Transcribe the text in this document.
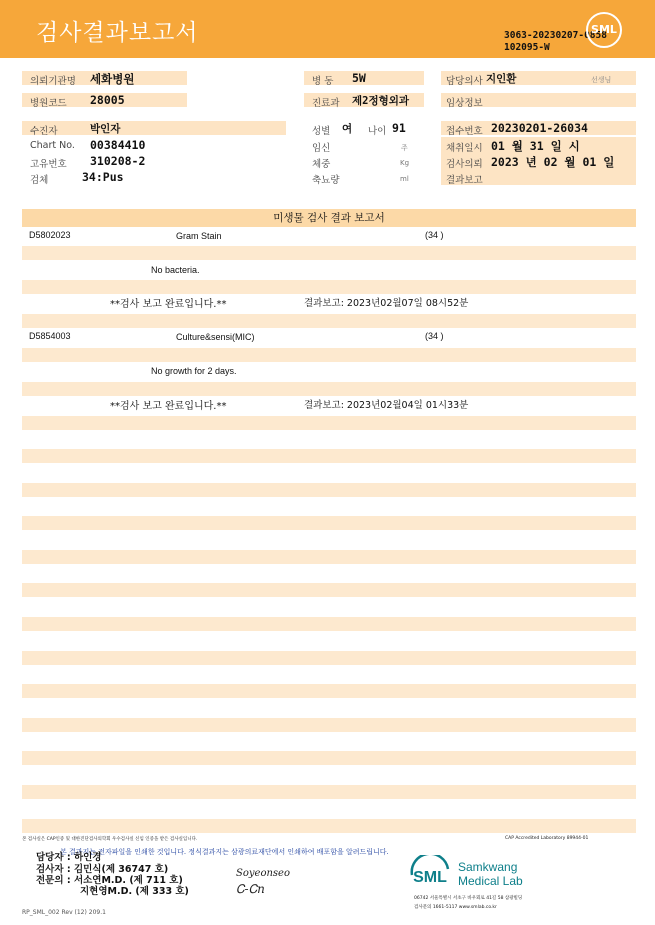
검사결과보고서	3063-20230207-0858
102095-W
SML
의뢰기관명 세화병원
병원코드 28005
병 동 5W
진료과 제2정형외과
담당의사 지인환	선생님
임상정보
수진자	박인자
Chart No. 00384410
고유번호 310208-2
검체	34:Pus
성별 여 나이 91
임신	주
체중	Kg
축뇨량	ml
접수번호 20230201-26034
채취일시 01 월 31 일 시
검사의뢰 2023 년 02 월 01 일
결과보고
미생물 검사 결과 보고서
D5802023	Gram Stain	(34 )
No bacteria.
**검사 보고 완료입니다.**	결과보고: 2023년02월07일 08시52분
D5854003	Culture&sensi(MIC)	(34 )
No growth for 2 days.
**검사 보고 완료입니다.**	결과보고: 2023년02월04일 01시33분
본 검사실은 CAP인증 및 대한진단검사의학회 우수검사실 신임 인증을 받은 검사실입니다.	CAP Accredited Laboratory 89944-01
본 결과지는 전자파일을 인쇄한 것입니다. 정식결과지는 삼광의료재단에서 인쇄하여 배포함을 알려드립니다.
담당자 : 하인경
검사자 : 김민식(제 36747 호)
전문의 : 서소연M.D. (제 711 호)
지현영M.D. (제 333 호)
Soyeonseo
Ꮯ-Ꮯn
SML
Samkwang
Medical Lab
06742 서울특별시 서초구 바우뫼로 41길 58 삼광빌딩
검사문의 1661-5117 www.smlab.co.kr
RP_SML_002 Rev (12) 209.1
